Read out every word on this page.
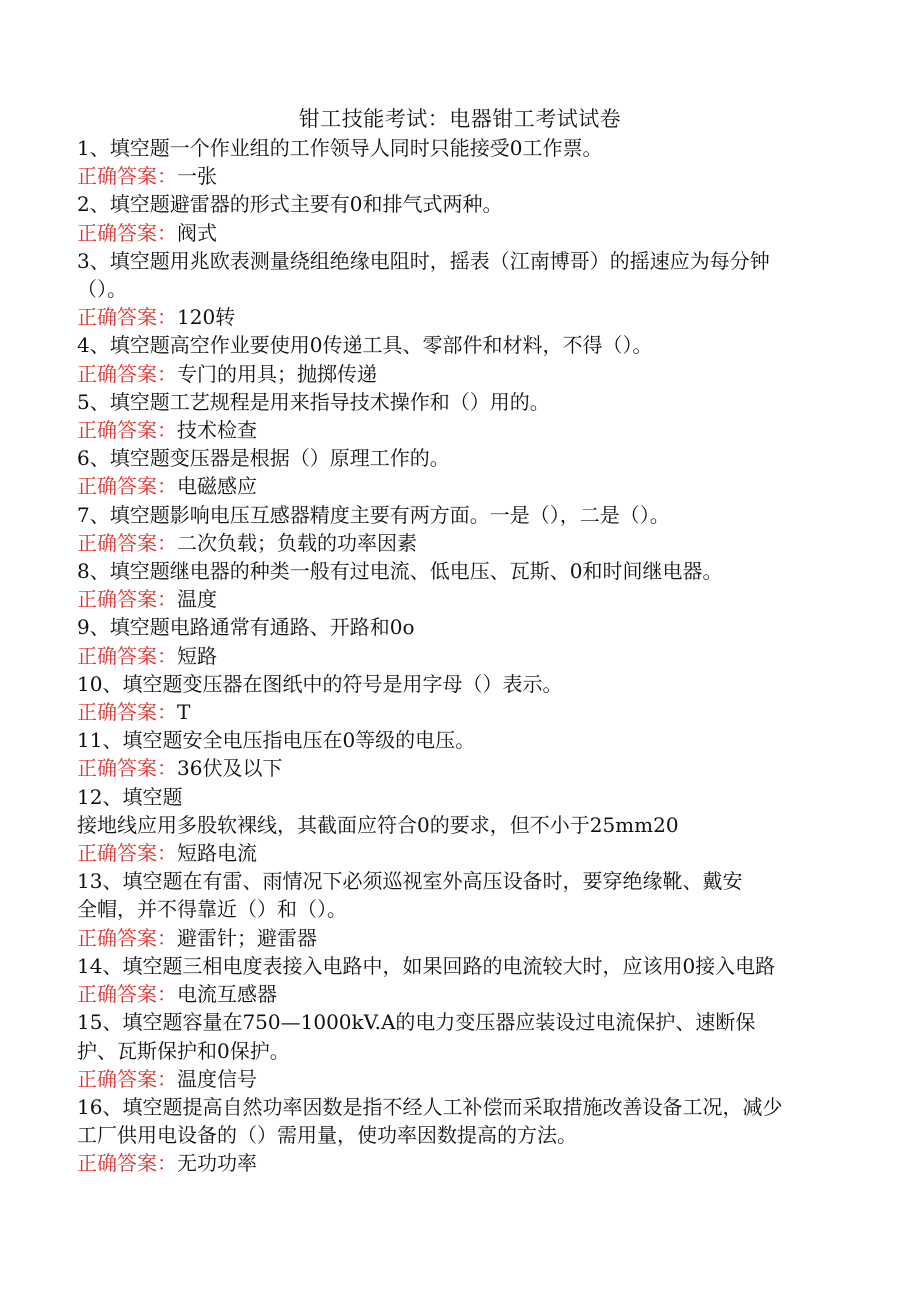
钳工技能考试：电器钳工考试试卷
1、填空题一个作业组的工作领导人同时只能接受0工作票。
正确答案：一张
2、填空题避雷器的形式主要有0和排气式两种。
正确答案：阀式
3、填空题用兆欧表测量绕组绝缘电阻时，摇表（江南博哥）的摇速应为每分钟
（）。
正确答案：120转
4、填空题高空作业要使用0传递工具、零部件和材料，不得（）。
正确答案：专门的用具；抛掷传递
5、填空题工艺规程是用来指导技术操作和（）用的。
正确答案：技术检查
6、填空题变压器是根据（）原理工作的。
正确答案：电磁感应
7、填空题影响电压互感器精度主要有两方面。一是（），二是（）。
正确答案：二次负载；负载的功率因素
8、填空题继电器的种类一般有过电流、低电压、瓦斯、0和时间继电器。
正确答案：温度
9、填空题电路通常有通路、开路和0o
正确答案：短路
10、填空题变压器在图纸中的符号是用字母（）表示。
正确答案：T
11、填空题安全电压指电压在0等级的电压。
正确答案：36伏及以下
12、填空题
接地线应用多股软裸线，其截面应符合0的要求，但不小于25mm20
正确答案：短路电流
13、填空题在有雷、雨情况下必须巡视室外高压设备时，要穿绝缘靴、戴安
全帽，并不得靠近（）和（）。
正确答案：避雷针；避雷器
14、填空题三相电度表接入电路中，如果回路的电流较大时，应该用0接入电路
正确答案：电流互感器
15、填空题容量在750—1000kV.A的电力变压器应装设过电流保护、速断保
护、瓦斯保护和0保护。
正确答案：温度信号
16、填空题提高自然功率因数是指不经人工补偿而采取措施改善设备工况，减少
工厂供用电设备的（）需用量，使功率因数提高的方法。
正确答案：无功功率
